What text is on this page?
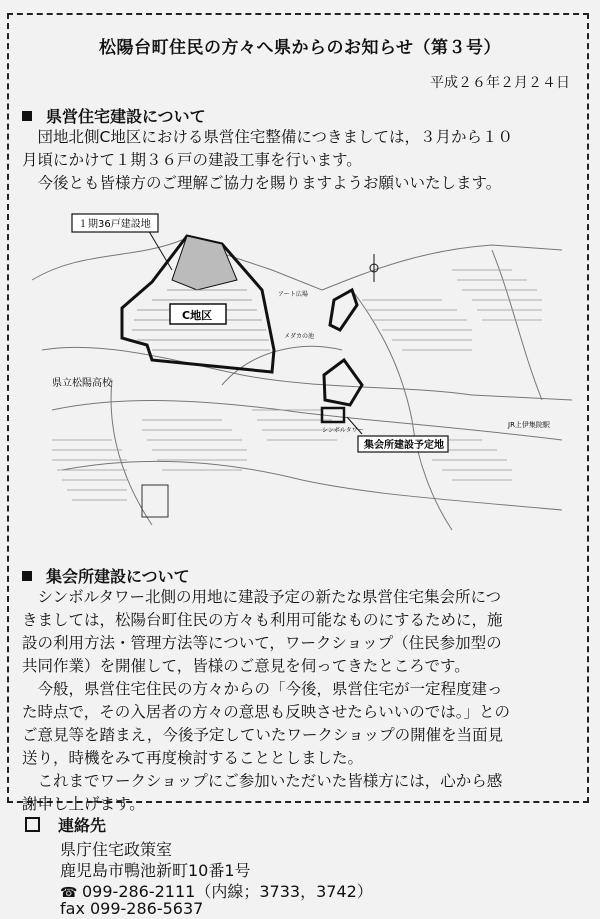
松陽台町住民の方々へ県からのお知らせ（第３号）
平成２６年２月２４日
県営住宅建設について
　団地北側C地区における県営住宅整備につきましては，３月から１０
月頃にかけて１期３６戸の建設工事を行います。
　今後とも皆様方のご理解ご協力を賜りますようお願いいたします。
１期36戸建設地
C地区
県立松陽高校
集会所建設予定地
JR上伊集院駅
シンボルタワー
アート広場
メダカの池
集会所建設について
　シンボルタワー北側の用地に建設予定の新たな県営住宅集会所につ
きましては，松陽台町住民の方々も利用可能なものにするために，施
設の利用方法・管理方法等について，ワークショップ（住民参加型の
共同作業）を開催して，皆様のご意見を伺ってきたところです。
　今般，県営住宅住民の方々からの「今後，県営住宅が一定程度建っ
た時点で，その入居者の方々の意思も反映させたらいいのでは。」との
ご意見等を踏まえ，今後予定していたワークショップの開催を当面見
送り，時機をみて再度検討することとしました。
　これまでワークショップにご参加いただいた皆様方には，心から感
謝申し上げます。
連絡先
県庁住宅政策室
鹿児島市鴨池新町10番1号
☎ 099-286-2111（内線；3733，3742）
fax 099-286-5637
